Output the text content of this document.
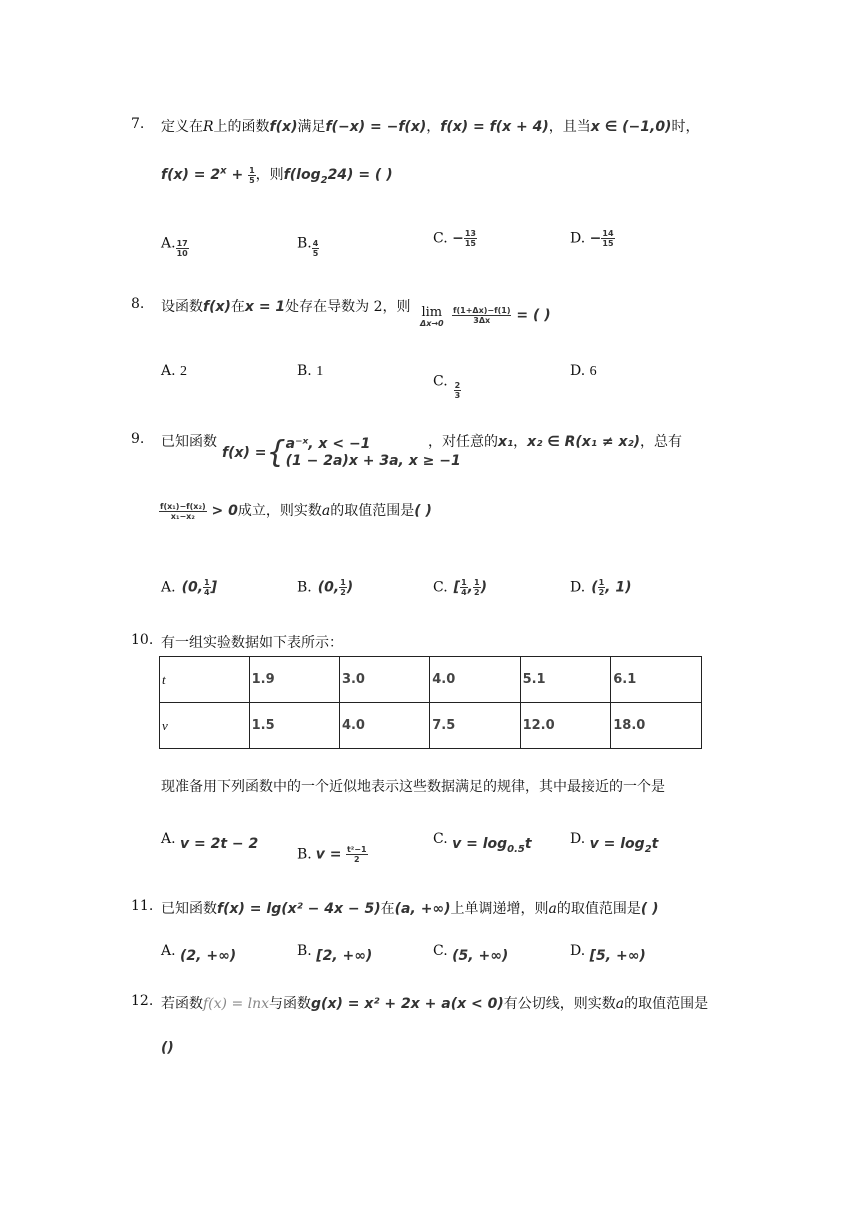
7. 定义在R上的函数f(x)满足f(−x) = −f(x)，f(x) = f(x + 4)，且当x ∈ (−1,0)时，
$f(x) = 2^x + \frac{1}{5}$ ，则$f(\log_224)$ = ( )
A. $\frac{17}{10}$	B. $\frac{4}{5}$
C. − $\frac{13}{15}$	D. − $\frac{14}{15}$
8. 设函数f(x)在x = 1处存在导数为 2，则 lim
$\Delta x\to 0 \frac{f(1+\Delta x)-f(1)}{3\Delta x}$ = ( )
A. 2	B. 1
C. $\frac{2}{3}$
D. 6
9. 已知函数
f(x) ={ a⁻ˣ, x < −1
(1 − 2a)x + 3a, x ≥ −1
，对任意的x₁，x₂ ∈ R(x₁ ≠ x₂)，总有
$\frac{\text{f(x₁)−f(x₂)}}{\text{x₁−x₂}} > 0$成立，则实数a的取值范围是( )
A. (0, $\frac{1}{4}$ ]	B. (0, $\frac{1}{2}$ )	C. [ $\frac{1}{4}$ , $\frac{1}{2}$ )	D. ( $\frac{1}{2}$ , 1)
10. 有一组实验数据如下表所示：
t	1.9	3.0	4.0	5.1	6.1
v	1.5	4.0	7.5	12.0	18.0
现准备用下列函数中的一个近似地表示这些数据满足的规律，其中最接近的一个是
A. v = 2t − 2
B. $v = \frac{\text{t²−1}}{2}$
C. $v = \log_{0.5}t$	D. $v = \log_2t$
11. 已知函数f(x) = lg(x² − 4x − 5)在(a, +∞)上单调递增，则a的取值范围是( )
A. (2, +∞)	B. [2, +∞)	C. (5, +∞)	D. [5, +∞)
12. 若函数f(x) = lnx与函数g(x) = x² + 2x + a(x < 0)有公切线，则实数a的取值范围是
()
